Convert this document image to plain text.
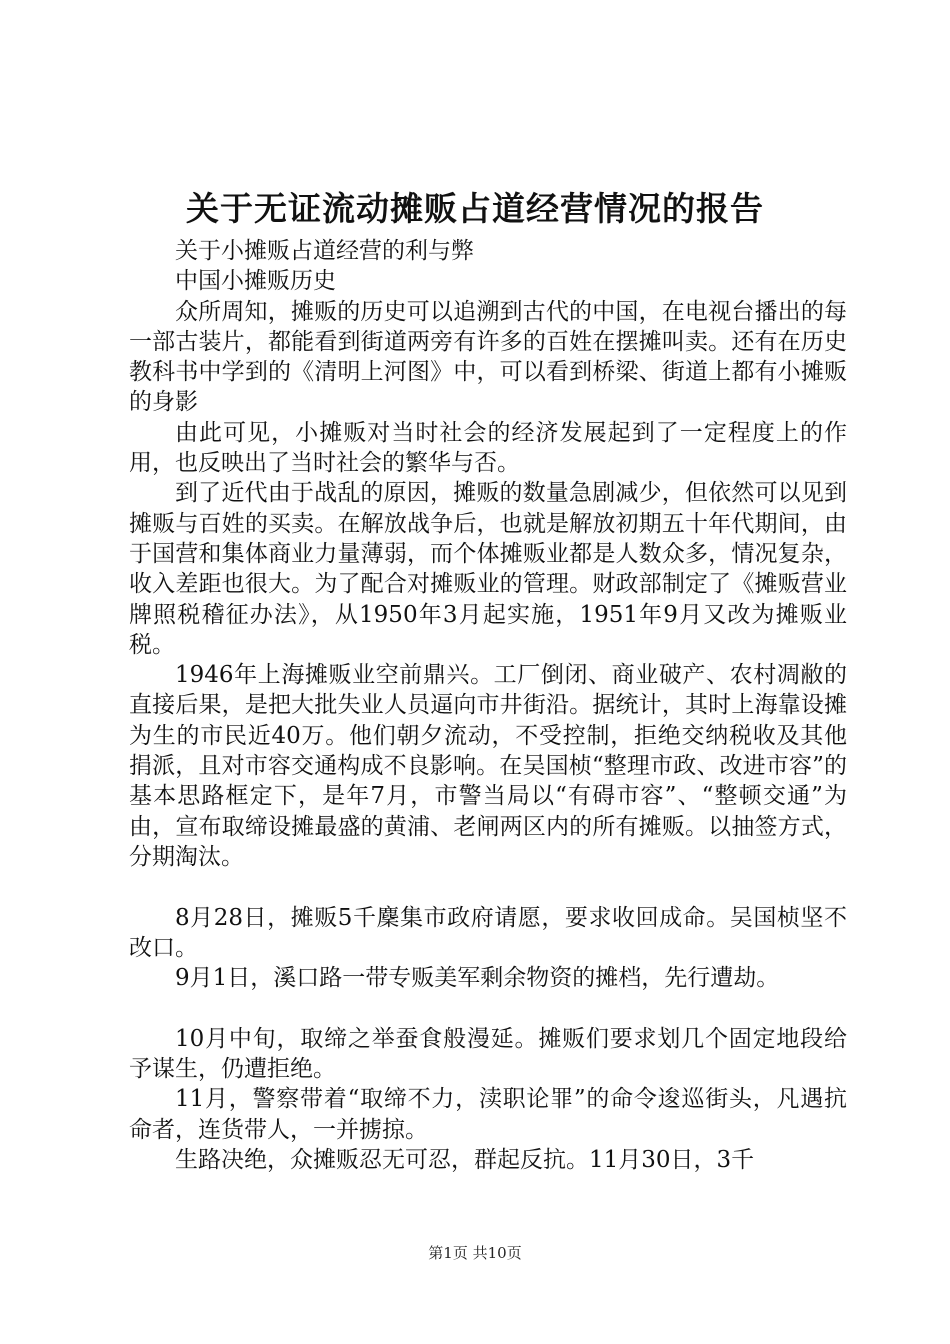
关于无证流动摊贩占道经营情况的报告

关于小摊贩占道经营的利与弊

中国小摊贩历史

众所周知，摊贩的历史可以追溯到古代的中国，在电视台播出的每一部古装片，都能看到街道两旁有许多的百姓在摆摊叫卖。还有在历史教科书中学到的《清明上河图》中，可以看到桥梁、街道上都有小摊贩的身影

由此可见，小摊贩对当时社会的经济发展起到了一定程度上的作用，也反映出了当时社会的繁华与否。

到了近代由于战乱的原因，摊贩的数量急剧减少，但依然可以见到摊贩与百姓的买卖。在解放战争后，也就是解放初期五十年代期间，由于国营和集体商业力量薄弱，而个体摊贩业都是人数众多，情况复杂，收入差距也很大。为了配合对摊贩业的管理。财政部制定了《摊贩营业牌照税稽征办法》，从1950年3月起实施，1951年9月又改为摊贩业税。

1946年上海摊贩业空前鼎兴。工厂倒闭、商业破产、农村凋敝的直接后果，是把大批失业人员逼向市井街沿。据统计，其时上海靠设摊为生的市民近40万。他们朝夕流动，不受控制，拒绝交纳税收及其他捐派，且对市容交通构成不良影响。在吴国桢“整理市政、改进市容”的基本思路框定下，是年7月，市警当局以“有碍市容”、“整顿交通”为由，宣布取缔设摊最盛的黄浦、老闸两区内的所有摊贩。以抽签方式，分期淘汰。

8月28日，摊贩5千麇集市政府请愿，要求收回成命。吴国桢坚不改口。

9月1日，溪口路一带专贩美军剩余物资的摊档，先行遭劫。

10月中旬，取缔之举蚕食般漫延。摊贩们要求划几个固定地段给予谋生，仍遭拒绝。

11月，警察带着“取缔不力，渎职论罪”的命令逡巡街头，凡遇抗命者，连货带人，一并掳掠。

生路决绝，众摊贩忍无可忍，群起反抗。11月30日，3千

第1页 共10页
